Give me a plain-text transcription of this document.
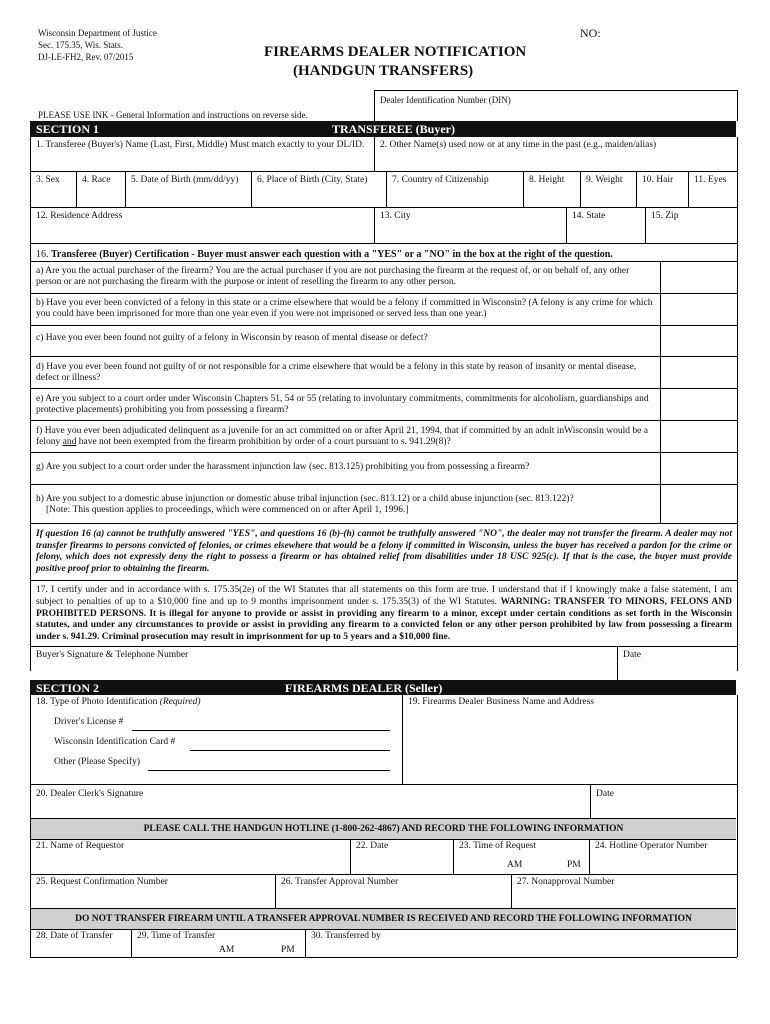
Wisconsin Department of Justice
Sec. 175.35, Wis. Stats.
DJ-LE-FH2, Rev. 07/2015	FIREARMS DEALER NOTIFICATION
(HANDGUN TRANSFERS)
NO:
Dealer Identification Number (DIN)
PLEASE USE INK - General Information and instructions on reverse side.
SECTION 1	TRANSFEREE (Buyer)
1. Transferee (Buyer's) Name (Last, First, Middle) Must match exactly to your DL/ID.	2. Other Name(s) used now or at any time in the past (e.g., maiden/alias)
3. Sex 4. Race 5. Date of Birth (mm/dd/yy) 6. Place of Birth (City, State)	7. Country of Citizenship	8. Height 9. Weight 10. Hair 11. Eyes
12. Residence Address	13. City	14. State	15. Zip
16. Transferee (Buyer) Certification - Buyer must answer each question with a "YES" or a "NO" in the box at the right of the question.
a) Are you the actual purchaser of the firearm? You are the actual purchaser if you are not purchasing the firearm at the request of, or on behalf of, any other person or are not purchasing the firearm with the purpose or intent of reselling the firearm to any other person.
b) Have you ever been convicted of a felony in this state or a crime elsewhere that would be a felony if committed in Wisconsin? (A felony is any crime for which you could have been imprisoned for more than one year even if you were not imprisoned or served less than one year.)
c) Have you ever been found not guilty of a felony in Wisconsin by reason of mental disease or defect?
d) Have you ever been found not guilty of or not responsible for a crime elsewhere that would be a felony in this state by reason of insanity or mental disease, defect or illness?
e) Are you subject to a court order under Wisconsin Chapters 51, 54 or 55 (relating to involuntary commitments, commitments for alcoholism, guardianships and protective placements) prohibiting you from possessing a firearm?
f) Have you ever been adjudicated delinquent as a juvenile for an act committed on or after April 21, 1994, that if committed by an adult inWisconsin would be a felony and have not been exempted from the firearm prohibition by order of a court pursuant to s. 941.29(8)?
g) Are you subject to a court order under the harassment injunction law (sec. 813.125) prohibiting you from possessing a firearm?
h) Are you subject to a domestic abuse injunction or domestic abuse tribal injunction (sec. 813.12) or a child abuse injunction (sec. 813.122)?
[Note: This question applies to proceedings, which were commenced on or after April 1, 1996.]
If question 16 (a) cannot be truthfully answered "YES", and questions 16 (b)-(h) cannot be truthfully answered "NO", the dealer may not transfer the firearm. A dealer may not transfer firearms to persons convicted of felonies, or crimes elsewhere that would be a felony if committed in Wisconsin, unless the buyer has received a pardon for the crime or felony, which does not expressly deny the right to possess a firearm or has obtained relief from disabilities under 18 USC 925(c). If that is the case, the buyer must provide positive proof prior to obtaining the firearm.
17. I certify under and in accordance with s. 175.35(2e) of the WI Statutes that all statements on this form are true. I understand that if I knowingly make a false statement, I am subject to penalties of up to a $10,000 fine and up to 9 months imprisonment under s. 175.35(3) of the WI Statutes. WARNING: TRANSFER TO MINORS, FELONS AND PROHIBITED PERSONS. It is illegal for anyone to provide or assist in providing any firearm to a minor, except under certain conditions as set forth in the Wisconsin statutes, and under any circumstances to provide or assist in providing any firearm to a convicted felon or any other person prohibited by law from possessing a firearm under s. 941.29. Criminal prosecution may result in imprisonment for up to 5 years and a $10,000 fine.
Buyer's Signature & Telephone Number	Date
SECTION 2	FIREARMS DEALER (Seller)
18. Type of Photo Identification (Required)	19. Firearms Dealer Business Name and Address
Driver's License #
Wisconsin Identification Card #
Other (Please Specify)
20. Dealer Clerk's Signature	Date
PLEASE CALL THE HANDGUN HOTLINE (1-800-262-4867) AND RECORD THE FOLLOWING INFORMATION
21. Name of Requestor	22. Date	23. Time of Request
AM	PM
24. Hotline Operator Number
25. Request Confirmation Number	26. Transfer Approval Number	27. Nonapproval Number
DO NOT TRANSFER FIREARM UNTIL A TRANSFER APPROVAL NUMBER IS RECEIVED AND RECORD THE FOLLOWING INFORMATION
28. Date of Transfer	29. Time of Transfer
AM	PM
30. Transferred by
